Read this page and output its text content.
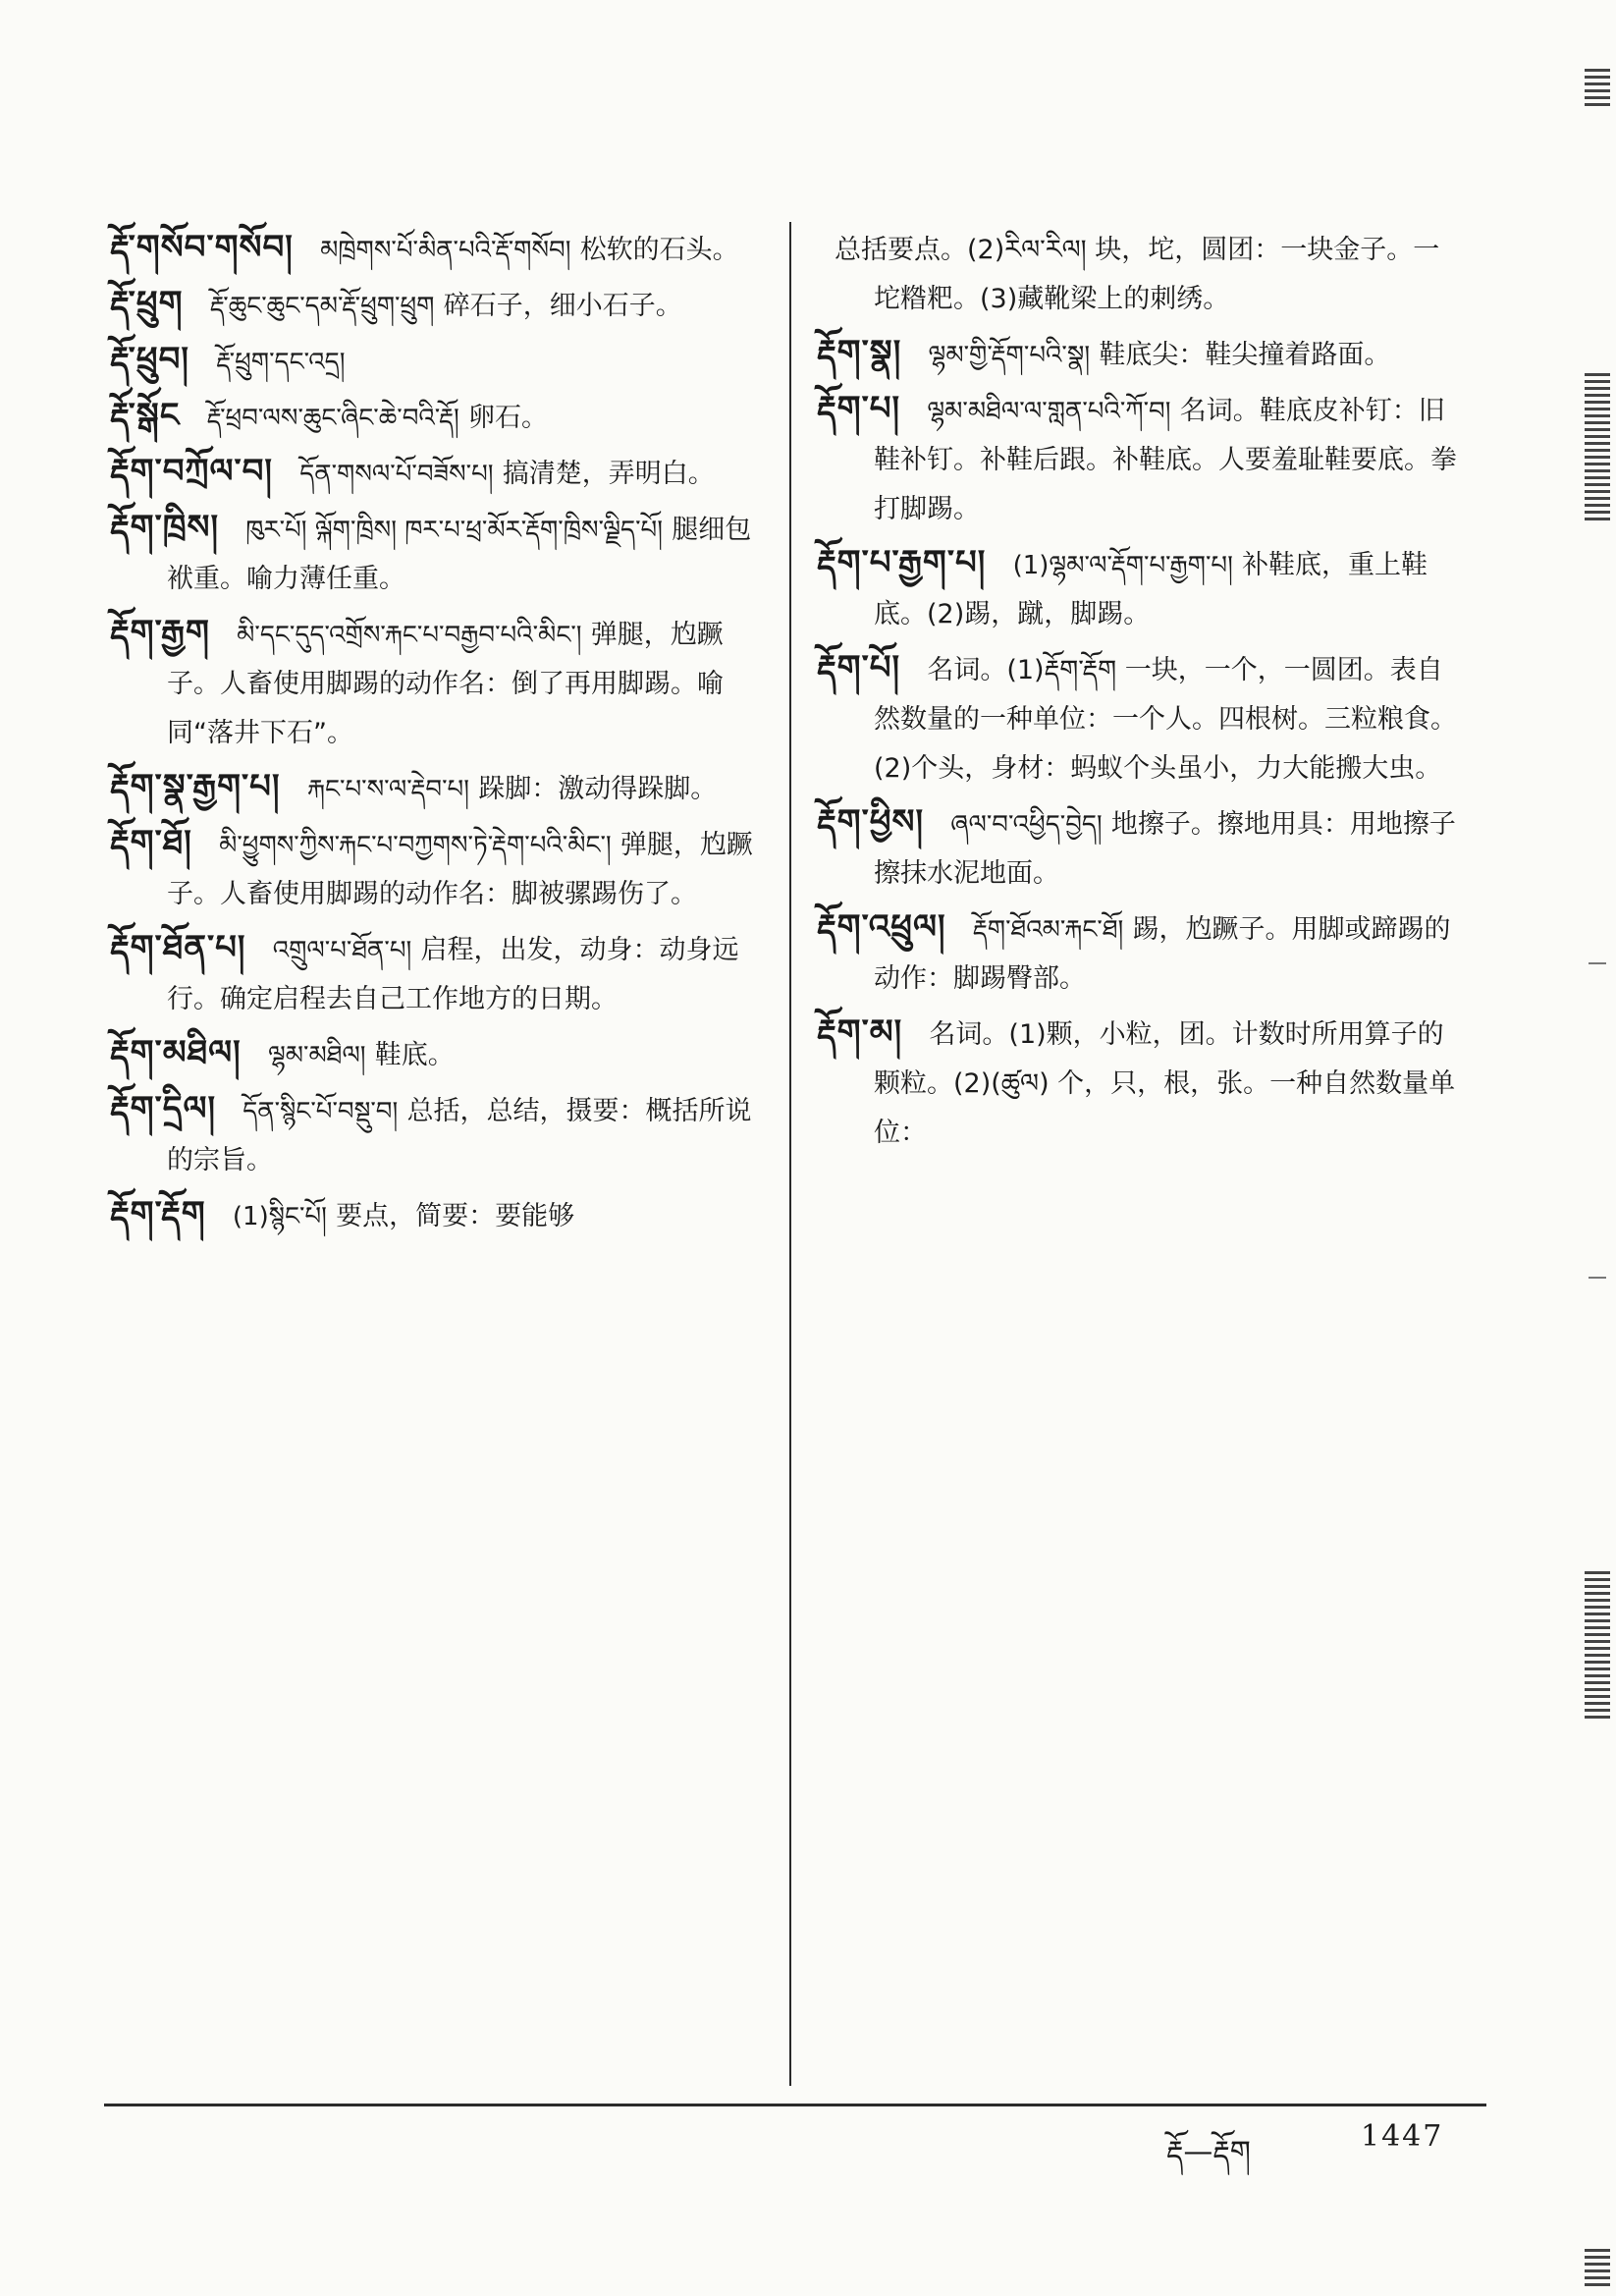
རྡོ་གསོབ་གསོབ། མཁྲེགས་པོ་མིན་པའི་རྡོ་གསོབ། 松软的石头。

རྡོ་ཕྲུག རྡོ་ཆུང་ཆུང་དམ་རྡོ་ཕྲུག་ཕྲུག 碎石子，细小石子。

རྡོ་ཕྲུབ། རྡོ་ཕྲུག་དང་འདྲ།

རྡོ་སྒོང རྡོ་ཕྲབ་ལས་ཆུང་ཞིང་ཆེ་བའི་རྡོ། 卵石。

རྡོག་བཀྲོལ་བ། དོན་གསལ་པོ་བཟོས་པ། 搞清楚，弄明白。

རྡོག་ཁྲིས། ཁུར་པོ། ལྐོག་ཁྲིས། ཁར་པ་ཕྲ་མོར་རྡོག་ཁྲིས་ལྗིད་པོ། 腿细包袱重。喻力薄任重。

རྡོག་རྒྱག མི་དང་དུད་འགྲོས་རྐང་པ་བརྒྱབ་པའི་མིང་། 弹腿，尥蹶子。人畜使用脚踢的动作名：倒了再用脚踢。喻同“落井下石”。

རྡོག་སྣ་རྒྱག་པ། རྐང་པ་ས་ལ་རྡེབ་པ། 跺脚：激动得跺脚。

རྡོག་ཐོ། མི་ཕྱུགས་ཀྱིས་རྐང་པ་བཀྱགས་ཏེ་རྡེག་པའི་མིང་། 弹腿，尥蹶子。人畜使用脚踢的动作名：脚被骡踢伤了。

རྡོག་ཐོན་པ། འགྲུལ་པ་ཐོན་པ། 启程，出发，动身：动身远行。确定启程去自己工作地方的日期。

རྡོག་མཐིལ། ལྷམ་མཐིལ། 鞋底。

རྡོག་དྲིལ། དོན་སྙིང་པོ་བསྡུ་བ། 总括，总结，摄要：概括所说的宗旨。

རྡོག་རྡོག (1)སྙིང་པོ། 要点，简要：要能够

总括要点。(2)རིལ་རིལ། 块，坨，圆团：一块金子。一坨糌粑。(3)藏靴梁上的刺绣。

རྡོག་སྣ། ལྷམ་གྱི་རྡོག་པའི་སྣ། 鞋底尖：鞋尖撞着路面。

རྡོག་པ། ལྷམ་མཐིལ་ལ་གླན་པའི་ཀོ་བ། 名词。鞋底皮补钉：旧鞋补钉。补鞋后跟。补鞋底。人要羞耻鞋要底。拳打脚踢。

རྡོག་པ་རྒྱག་པ། (1)ལྷམ་ལ་རྡོག་པ་རྒྱག་པ། 补鞋底，重上鞋底。(2)踢，蹴，脚踢。

རྡོག་པོ། 名词。(1)རྡོག་རྡོག 一块，一个，一圆团。表自然数量的一种单位：一个人。四根树。三粒粮食。(2)个头，身材：蚂蚁个头虽小，力大能搬大虫。

རྡོག་ཕྱིས། ཞལ་བ་འཕྱིད་བྱེད། 地擦子。擦地用具：用地擦子擦抹水泥地面。

རྡོག་འཕྲུལ། རྡོག་ཐོའམ་རྐང་ཐོ། 踢，尥蹶子。用脚或蹄踢的动作：脚踢臀部。

རྡོག་མ། 名词。(1)颗，小粒，团。计数时所用算子的颗粒。(2)(ཚུལ) 个，只，根，张。一种自然数量单位：

རྡོ—རྡོག	1447
